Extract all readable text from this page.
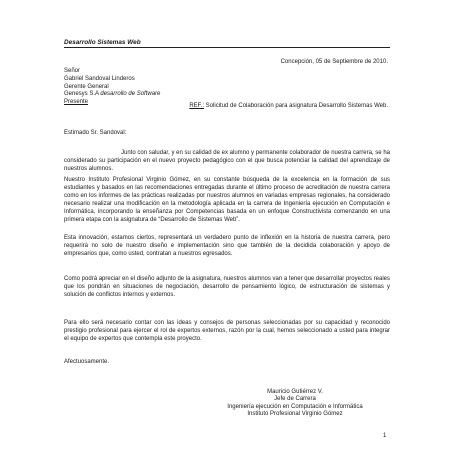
Desarrollo Sistemas Web
Concepción, 05 de Septiembre de 2010.
Señor
Gabriel Sandoval Linderos
Gerente General
Genesys S.A desarrollo de Software
Presente
REF.: Solicitud de Colaboración para asignatura Desarrollo Sistemas Web.
Estimado Sr. Sandoval:
Junto con saludar, y en su calidad de ex alumno y permanente colaborador de nuestra carrera, se ha considerado su participación en el nuevo proyecto pedagógico con el que busca potenciar la calidad del aprendizaje de nuestros alumnos.
Nuestro Instituto Profesional Virginio Gómez, en su constante búsqueda de la excelencia en la formación de sus estudiantes y basados en las recomendaciones entregadas durante el último proceso de acreditación de nuestra carrera como en los informes de las prácticas realizadas por nuestros alumnos en variadas empresas regionales, ha considerado necesario realizar una modificación en la metodología aplicada en la carrera de Ingeniería ejecución en Computación e Informática, incorporando la enseñanza por Competencias basada en un enfoque Constructivista comenzando en una primera etapa con la asignatura de “Desarrollo de Sistemas Web”.
Esta innovación, estamos ciertos, representará un verdadero punto de inflexión en la historia de nuestra carrera, pero requerirá no solo de nuestro diseño e implementación sino que también de la decidida colaboración y apoyo de empresarios que, como usted, contratan a nuestros egresados.
Como podrá apreciar en el diseño adjunto de la asignatura, nuestros alumnos van a tener que desarrollar proyectos reales que los pondrán en situaciones de negociación, desarrollo de pensamiento lógico, de estructuración de sistemas y solución de conflictos internos y externos.
Para ello será necesario contar con las ideas y consejos de personas seleccionadas por su capacidad y reconocido prestigio profesional para ejercer el rol de expertos externos, razón por la cual, hemos seleccionado a usted para integrar el equipo de expertos que contempla este proyecto.
Afectuosamente.
Mauricio Gutiérrez V.
Jefe de Carrera
Ingeniería ejecución en Computación e Informática
Instituto Profesional Virginio Gómez
1
